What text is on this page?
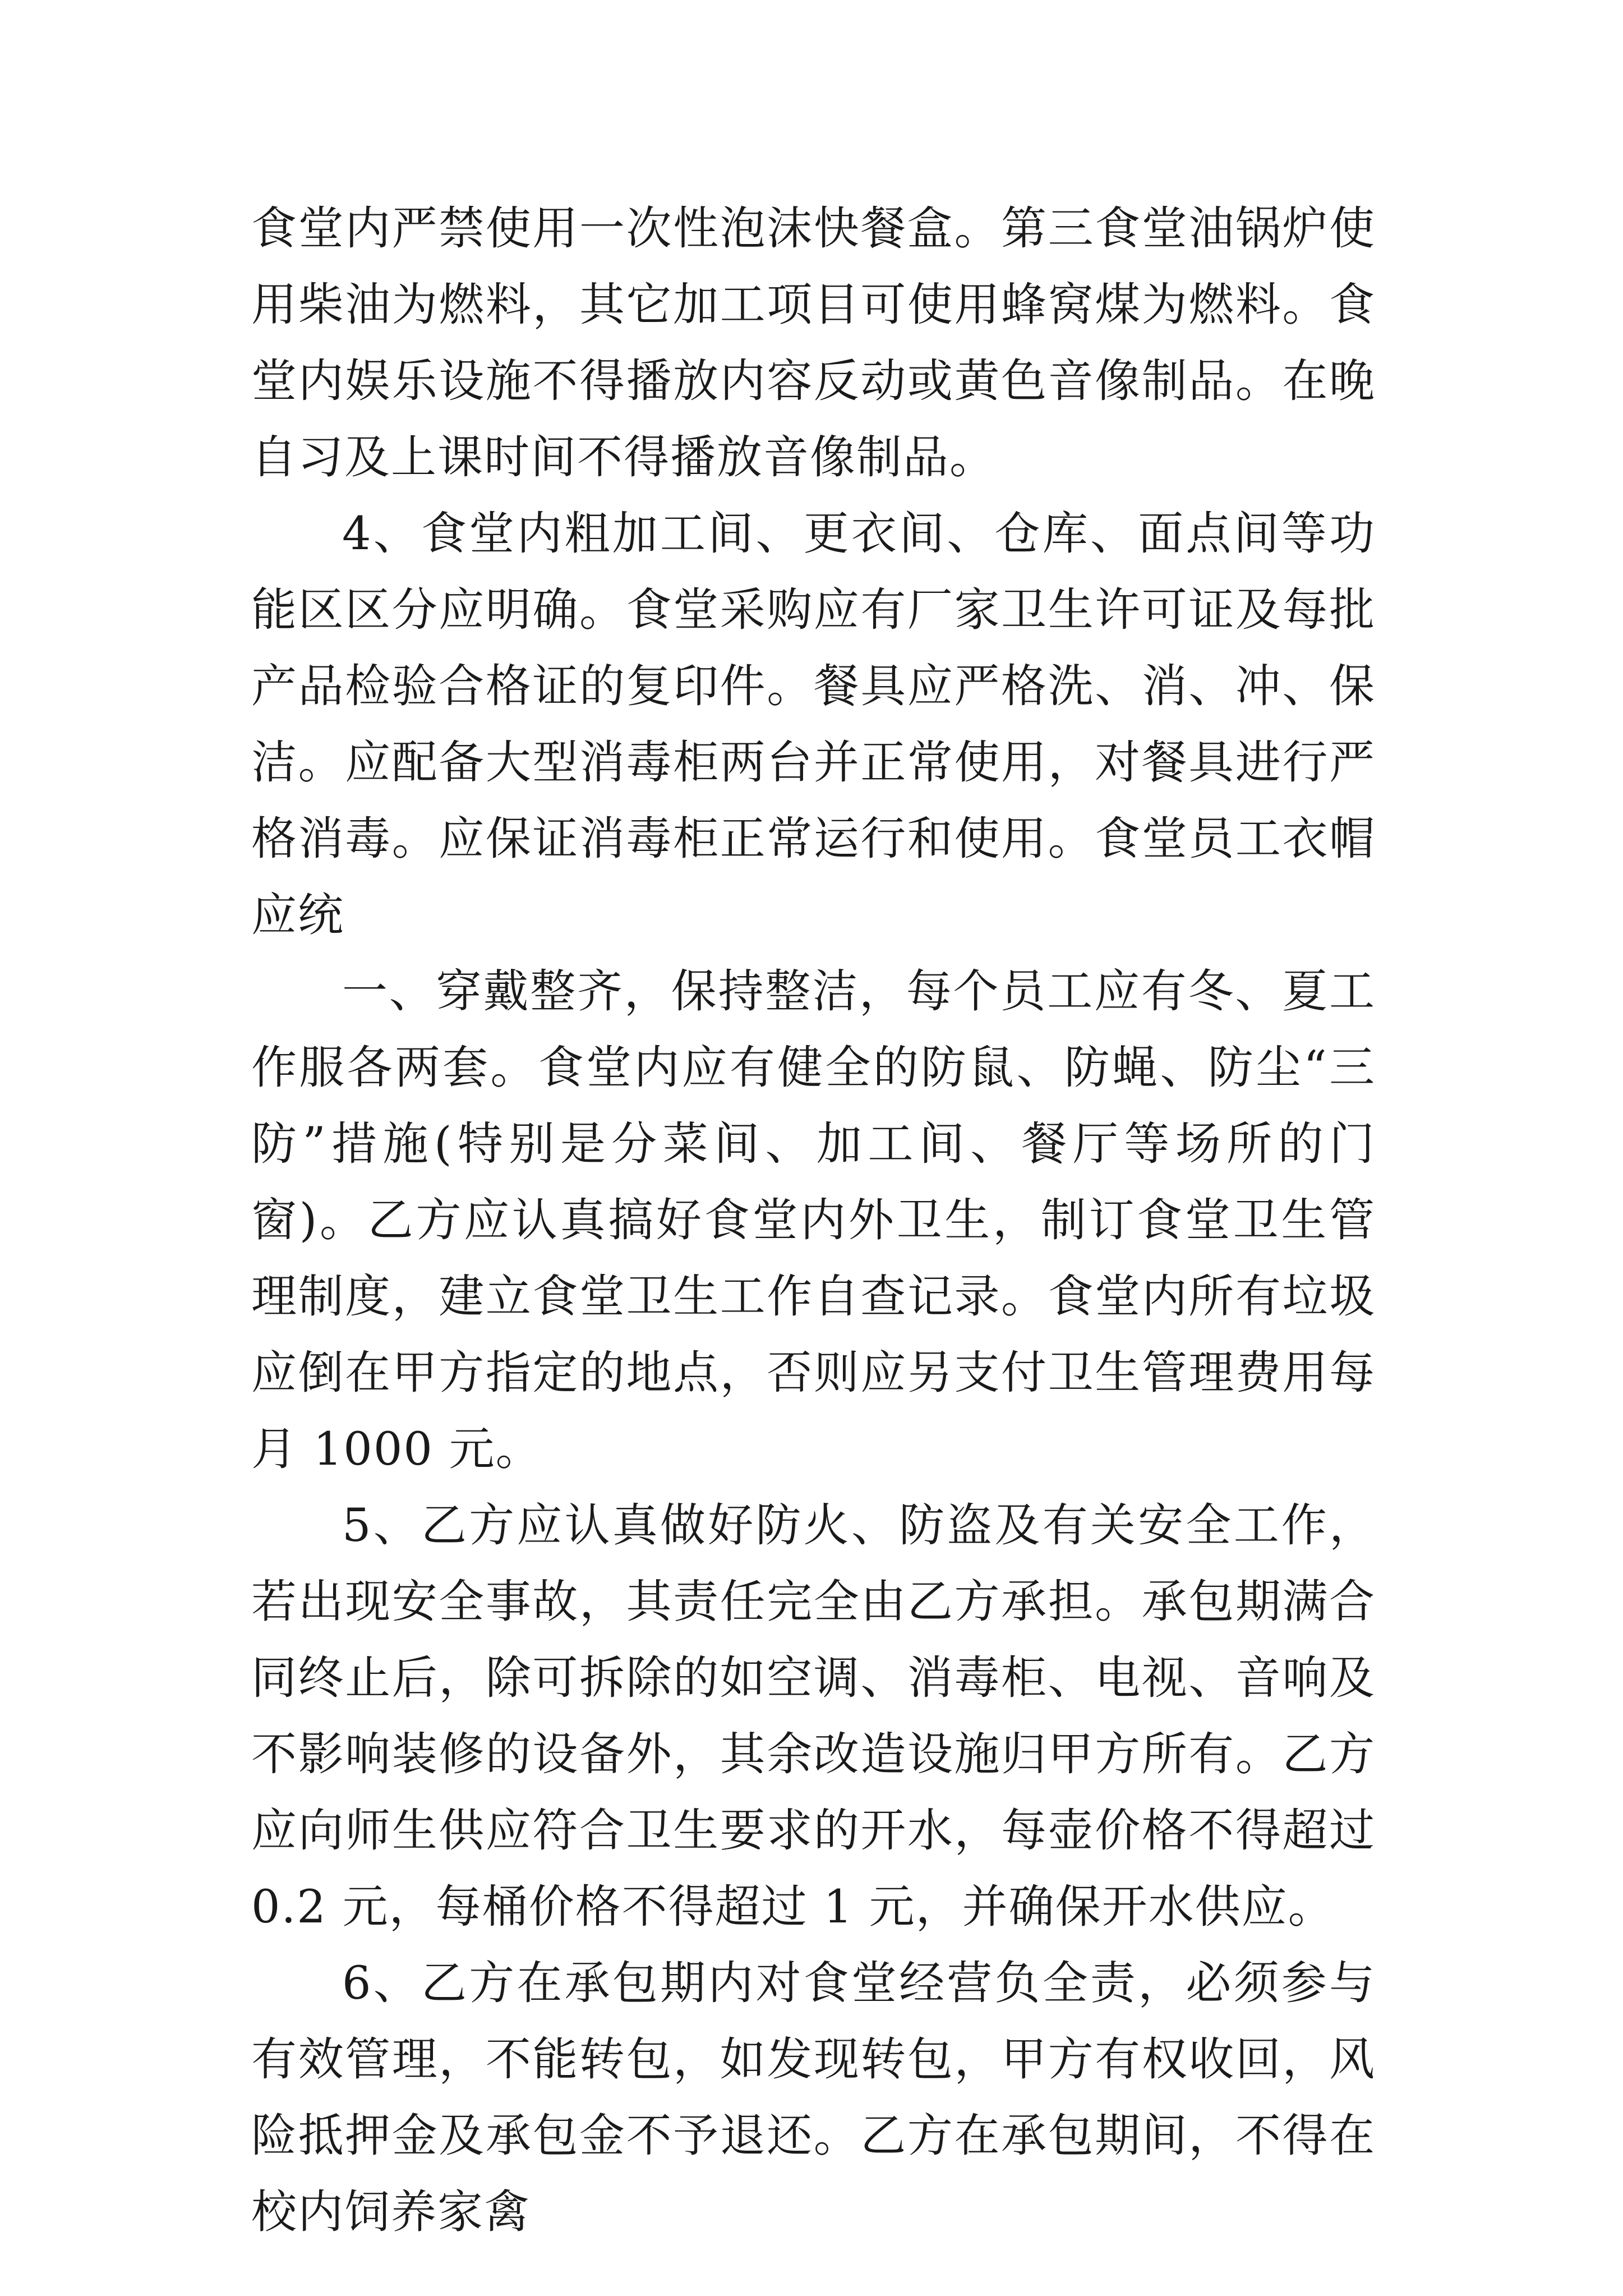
食堂内严禁使用一次性泡沫快餐盒。第三食堂油锅炉使用柴油为燃料，其它加工项目可使用蜂窝煤为燃料。食堂内娱乐设施不得播放内容反动或黄色音像制品。在晚自习及上课时间不得播放音像制品。

4、食堂内粗加工间、更衣间、仓库、面点间等功能区区分应明确。食堂采购应有厂家卫生许可证及每批产品检验合格证的复印件。餐具应严格洗、消、冲、保洁。应配备大型消毒柜两台并正常使用，对餐具进行严格消毒。应保证消毒柜正常运行和使用。食堂员工衣帽应统

一、穿戴整齐，保持整洁，每个员工应有冬、夏工作服各两套。食堂内应有健全的防鼠、防蝇、防尘“三防”措施(特别是分菜间、加工间、餐厅等场所的门窗)。乙方应认真搞好食堂内外卫生，制订食堂卫生管理制度，建立食堂卫生工作自查记录。食堂内所有垃圾应倒在甲方指定的地点，否则应另支付卫生管理费用每月 1000 元。

5、乙方应认真做好防火、防盗及有关安全工作，若出现安全事故，其责任完全由乙方承担。承包期满合同终止后，除可拆除的如空调、消毒柜、电视、音响及不影响装修的设备外，其余改造设施归甲方所有。乙方应向师生供应符合卫生要求的开水，每壶价格不得超过 0.2 元，每桶价格不得超过 1 元，并确保开水供应。

6、乙方在承包期内对食堂经营负全责，必须参与有效管理，不能转包，如发现转包，甲方有权收回，风险抵押金及承包金不予退还。乙方在承包期间，不得在校内饲养家禽
